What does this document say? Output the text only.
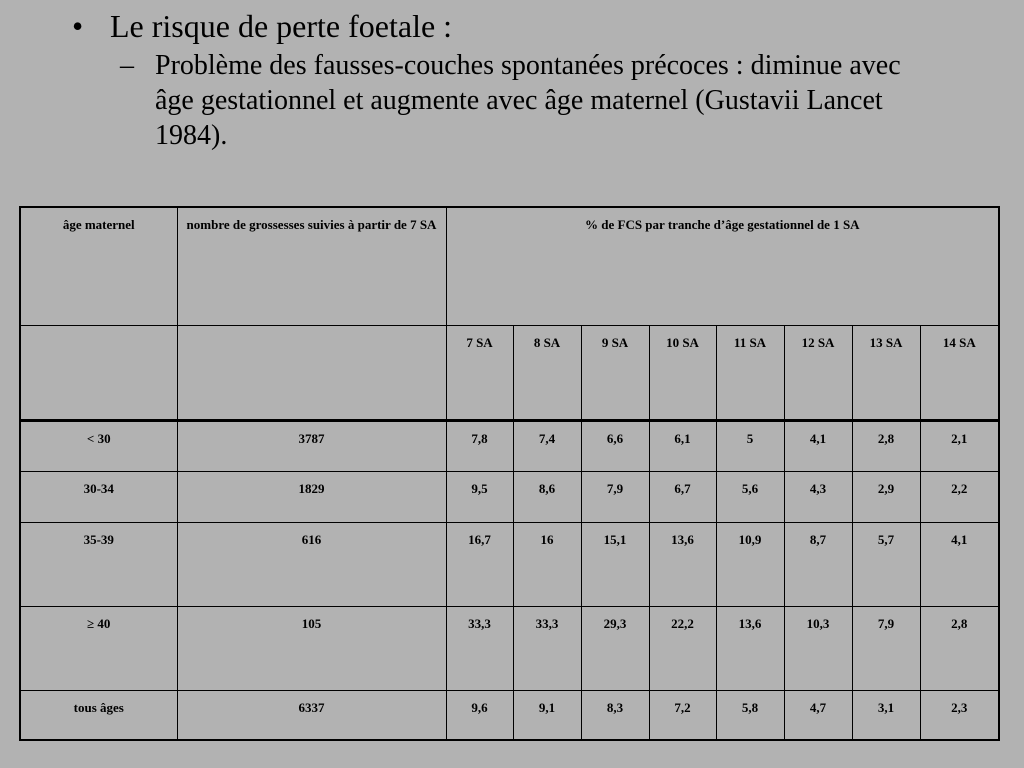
• Le risque de perte foetale :
– Problème des fausses-couches spontanées précoces : diminue avec âge gestationnel et augmente avec âge maternel (Gustavii Lancet 1984).
âge maternel	nombre de grossesses suivies à partir de 7 SA	% de FCS par tranche d’âge gestationnel de 1 SA							
		7 SA	8 SA	9 SA	10 SA	11 SA	12 SA	13 SA	14 SA
< 30	3787	7,8	7,4	6,6	6,1	5	4,1	2,8	2,1
30-34	1829	9,5	8,6	7,9	6,7	5,6	4,3	2,9	2,2
35-39	616	16,7	16	15,1	13,6	10,9	8,7	5,7	4,1
≥ 40	105	33,3	33,3	29,3	22,2	13,6	10,3	7,9	2,8
tous âges	6337	9,6	9,1	8,3	7,2	5,8	4,7	3,1	2,3
